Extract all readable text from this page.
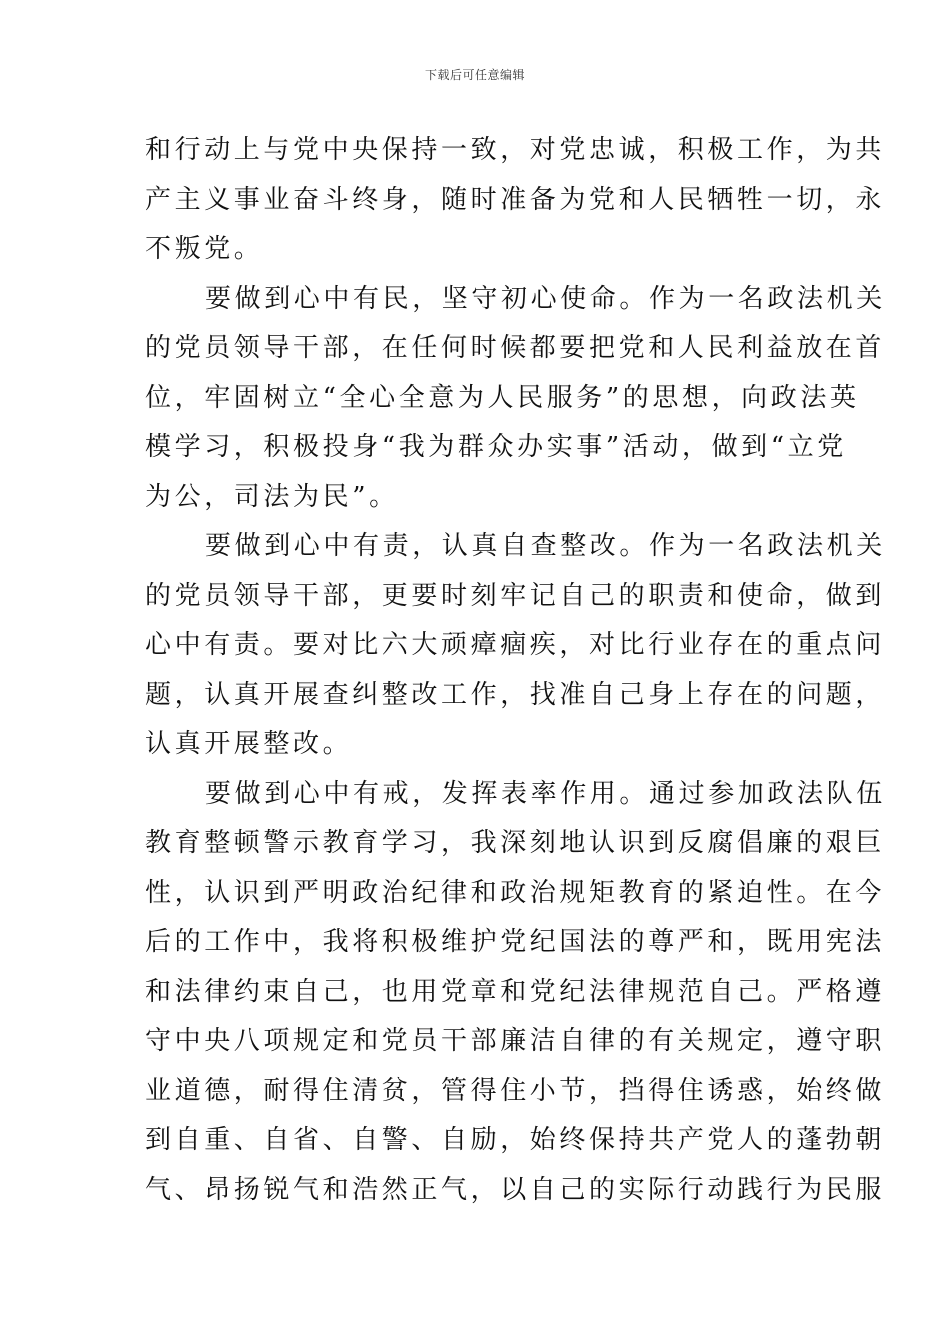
下载后可任意编辑
和行动上与党中央保持一致，对党忠诚，积极工作，为共
产主义事业奋斗终身，随时准备为党和人民牺牲一切，永
不叛党。
要做到心中有民，坚守初心使命。作为一名政法机关
的党员领导干部，在任何时候都要把党和人民利益放在首
位，牢固树立“全心全意为人民服务”的思想，向政法英
模学习，积极投身“我为群众办实事”活动，做到“立党
为公，司法为民”。
要做到心中有责，认真自查整改。作为一名政法机关
的党员领导干部，更要时刻牢记自己的职责和使命，做到
心中有责。要对比六大顽瘴痼疾，对比行业存在的重点问
题，认真开展查纠整改工作，找准自己身上存在的问题，
认真开展整改。
要做到心中有戒，发挥表率作用。通过参加政法队伍
教育整顿警示教育学习，我深刻地认识到反腐倡廉的艰巨
性，认识到严明政治纪律和政治规矩教育的紧迫性。在今
后的工作中，我将积极维护党纪国法的尊严和，既用宪法
和法律约束自己，也用党章和党纪法律规范自己。严格遵
守中央八项规定和党员干部廉洁自律的有关规定，遵守职
业道德，耐得住清贫，管得住小节，挡得住诱惑，始终做
到自重、自省、自警、自励，始终保持共产党人的蓬勃朝
气、昂扬锐气和浩然正气，以自己的实际行动践行为民服
